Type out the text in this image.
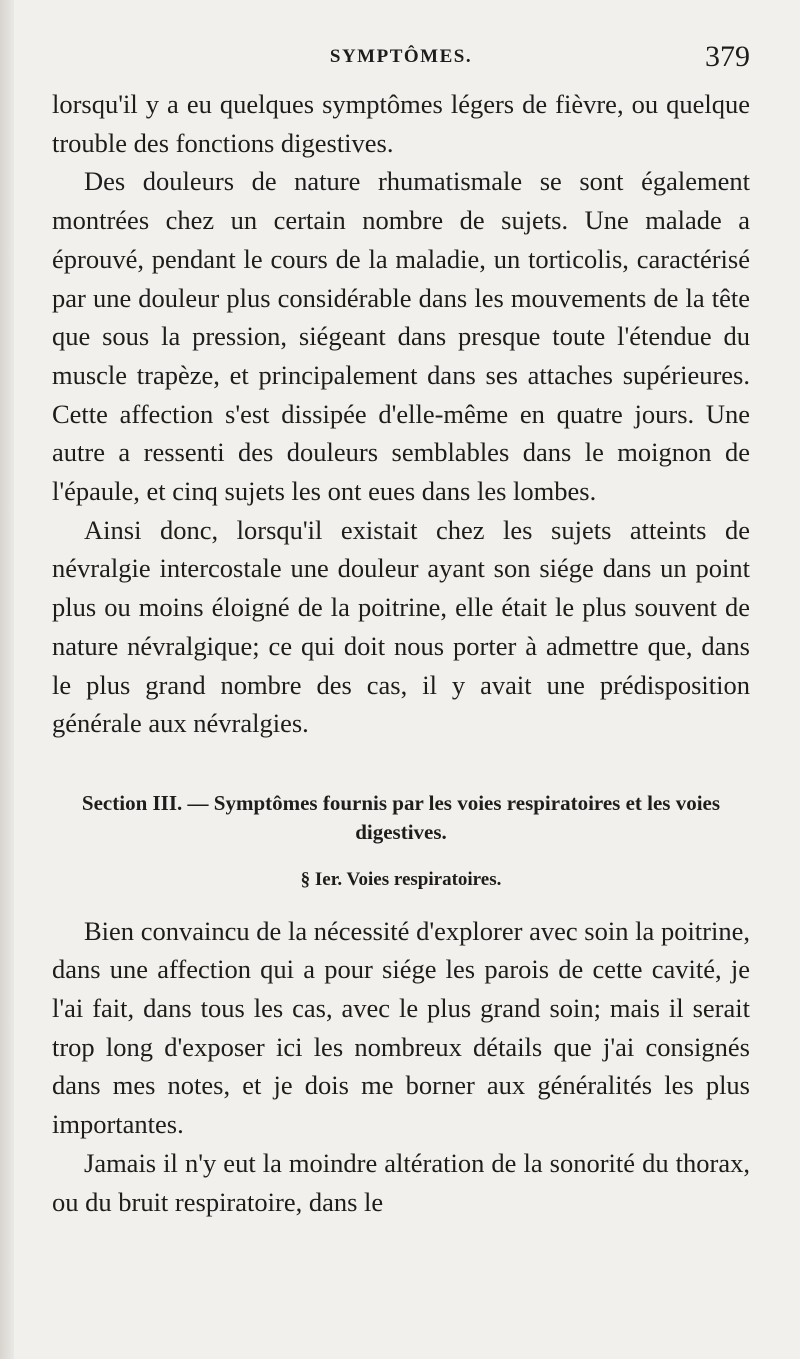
SYMPTÔMES.	379

lorsqu'il y a eu quelques symptômes légers de fièvre, ou quelque trouble des fonctions digestives.

Des douleurs de nature rhumatismale se sont également montrées chez un certain nombre de sujets. Une malade a éprouvé, pendant le cours de la maladie, un torticolis, caractérisé par une douleur plus considérable dans les mouvements de la tête que sous la pression, siégeant dans presque toute l'étendue du muscle trapèze, et principalement dans ses attaches supérieures. Cette affection s'est dissipée d'elle-même en quatre jours. Une autre a ressenti des douleurs semblables dans le moignon de l'épaule, et cinq sujets les ont eues dans les lombes.

Ainsi donc, lorsqu'il existait chez les sujets atteints de névralgie intercostale une douleur ayant son siége dans un point plus ou moins éloigné de la poitrine, elle était le plus souvent de nature névralgique; ce qui doit nous porter à admettre que, dans le plus grand nombre des cas, il y avait une prédisposition générale aux névralgies.

Section III. — Symptômes fournis par les voies respiratoires et les voies digestives.
§ Ier. Voies respiratoires.

Bien convaincu de la nécessité d'explorer avec soin la poitrine, dans une affection qui a pour siége les parois de cette cavité, je l'ai fait, dans tous les cas, avec le plus grand soin; mais il serait trop long d'exposer ici les nombreux détails que j'ai consignés dans mes notes, et je dois me borner aux généralités les plus importantes.

Jamais il n'y eut la moindre altération de la sonorité du thorax, ou du bruit respiratoire, dans le
